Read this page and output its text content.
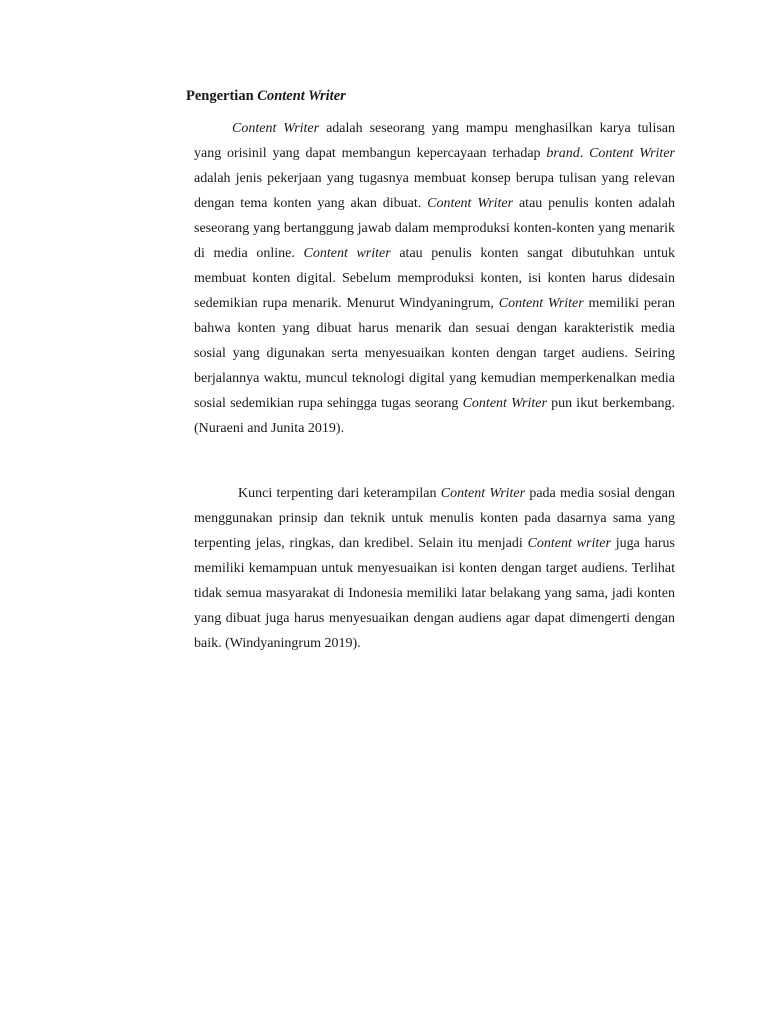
Pengertian Content Writer

Content Writer adalah seseorang yang mampu menghasilkan karya tulisan yang orisinil yang dapat membangun kepercayaan terhadap brand. Content Writer adalah jenis pekerjaan yang tugasnya membuat konsep berupa tulisan yang relevan dengan tema konten yang akan dibuat. Content Writer atau penulis konten adalah seseorang yang bertanggung jawab dalam memproduksi konten-konten yang menarik di media online. Content writer atau penulis konten sangat dibutuhkan untuk membuat konten digital. Sebelum memproduksi konten, isi konten harus didesain sedemikian rupa menarik. Menurut Windyaningrum, Content Writer memiliki peran bahwa konten yang dibuat harus menarik dan sesuai dengan karakteristik media sosial yang digunakan serta menyesuaikan konten dengan target audiens. Seiring berjalannya waktu, muncul teknologi digital yang kemudian memperkenalkan media sosial sedemikian rupa sehingga tugas seorang Content Writer pun ikut berkembang. (Nuraeni and Junita 2019).

Kunci terpenting dari keterampilan Content Writer pada media sosial dengan menggunakan prinsip dan teknik untuk menulis konten pada dasarnya sama yang terpenting jelas, ringkas, dan kredibel. Selain itu menjadi Content writer juga harus memiliki kemampuan untuk menyesuaikan isi konten dengan target audiens. Terlihat tidak semua masyarakat di Indonesia memiliki latar belakang yang sama, jadi konten yang dibuat juga harus menyesuaikan dengan audiens agar dapat dimengerti dengan baik. (Windyaningrum 2019).
